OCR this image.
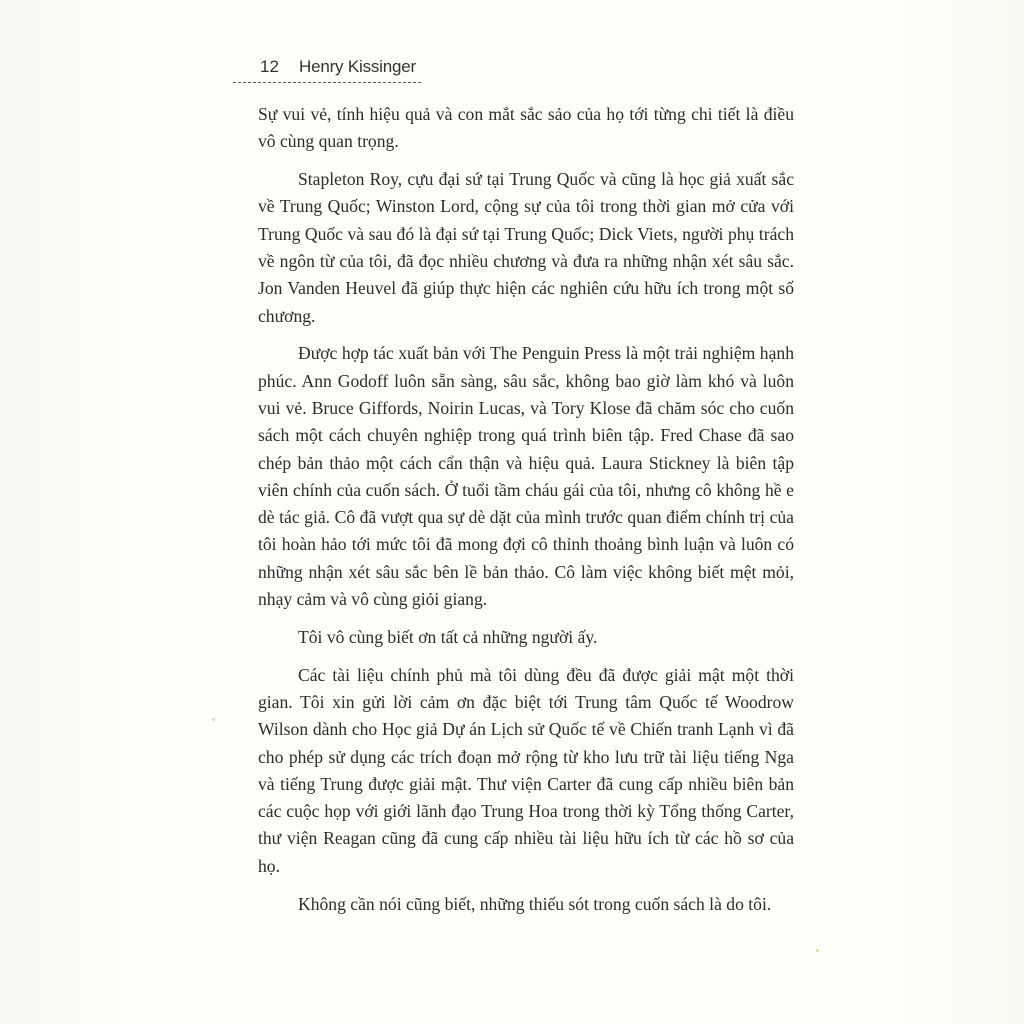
12 Henry Kissinger

Sự vui vẻ, tính hiệu quả và con mắt sắc sảo của họ tới từng chi tiết là điều vô cùng quan trọng.

Stapleton Roy, cựu đại sứ tại Trung Quốc và cũng là học giả xuất sắc về Trung Quốc; Winston Lord, cộng sự của tôi trong thời gian mở cửa với Trung Quốc và sau đó là đại sứ tại Trung Quốc; Dick Viets, người phụ trách về ngôn từ của tôi, đã đọc nhiều chương và đưa ra những nhận xét sâu sắc. Jon Vanden Heuvel đã giúp thực hiện các nghiên cứu hữu ích trong một số chương.

Được hợp tác xuất bản với The Penguin Press là một trải nghiệm hạnh phúc. Ann Godoff luôn sẵn sàng, sâu sắc, không bao giờ làm khó và luôn vui vẻ. Bruce Giffords, Noirin Lucas, và Tory Klose đã chăm sóc cho cuốn sách một cách chuyên nghiệp trong quá trình biên tập. Fred Chase đã sao chép bản thảo một cách cẩn thận và hiệu quả. Laura Stickney là biên tập viên chính của cuốn sách. Ở tuổi tầm cháu gái của tôi, nhưng cô không hề e dè tác giả. Cô đã vượt qua sự dè dặt của mình trước quan điểm chính trị của tôi hoàn hảo tới mức tôi đã mong đợi cô thỉnh thoảng bình luận và luôn có những nhận xét sâu sắc bên lề bản thảo. Cô làm việc không biết mệt mỏi, nhạy cảm và vô cùng giỏi giang.

Tôi vô cùng biết ơn tất cả những người ấy.

Các tài liệu chính phủ mà tôi dùng đều đã được giải mật một thời gian. Tôi xin gửi lời cảm ơn đặc biệt tới Trung tâm Quốc tế Woodrow Wilson dành cho Học giả Dự án Lịch sử Quốc tế về Chiến tranh Lạnh vì đã cho phép sử dụng các trích đoạn mở rộng từ kho lưu trữ tài liệu tiếng Nga và tiếng Trung được giải mật. Thư viện Carter đã cung cấp nhiều biên bản các cuộc họp với giới lãnh đạo Trung Hoa trong thời kỳ Tổng thống Carter, thư viện Reagan cũng đã cung cấp nhiều tài liệu hữu ích từ các hồ sơ của họ.

Không cần nói cũng biết, những thiếu sót trong cuốn sách là do tôi.
